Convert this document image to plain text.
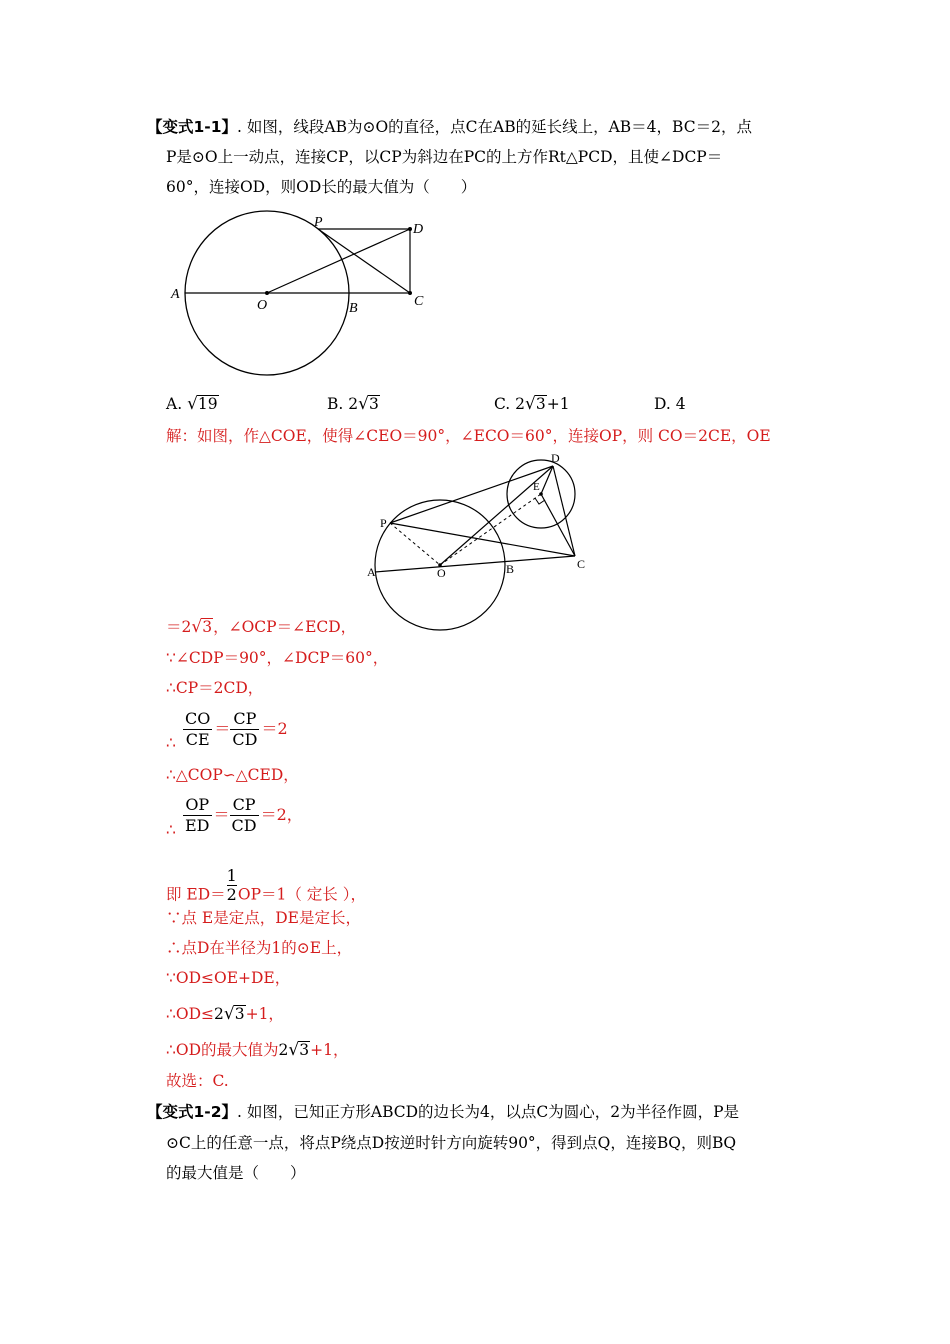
【变式1-1】. 如图，线段AB为⊙O的直径，点C在AB的延长线上，AB＝4，BC＝2，点
P是⊙O上一动点，连接CP，以CP为斜边在PC的上方作Rt△PCD，且使∠DCP＝
60°，连接OD，则OD长的最大值为（　　）
A
O	B	C
P	D
A. √19	B. 2√3	C. 2√3+1	D. 4
解：如图，作△COE，使得∠CEO＝90°，∠ECO＝60°，连接OP，则 CO＝2CE，OE
A	O	B	C
P
D
E
＝2√3，∠OCP＝∠ECD，
∵∠CDP＝90°，∠DCP＝60°，
∴CP＝2CD，
∴ $\frac{CO}{CE} = \frac{CP}{CD} =2$
∴△COP∽△CED，
∴ $\frac{OP}{ED} = \frac{CP}{CD} =2$，
即 $ED= \frac{1}{2} OP=1$（ 定长 ），
∵点 E是定点，DE是定长，
∴点D在半径为1的⊙E上，
∵OD≤OE+DE，
∴OD≤2√3+1，
∴OD的最大值为2√3+1，
故选：C.
【变式1-2】. 如图，已知正方形ABCD的边长为4，以点C为圆心，2为半径作圆，P是
⊙C上的任意一点，将点P绕点D按逆时针方向旋转90°，得到点Q，连接BQ，则BQ
的最大值是（　　）
